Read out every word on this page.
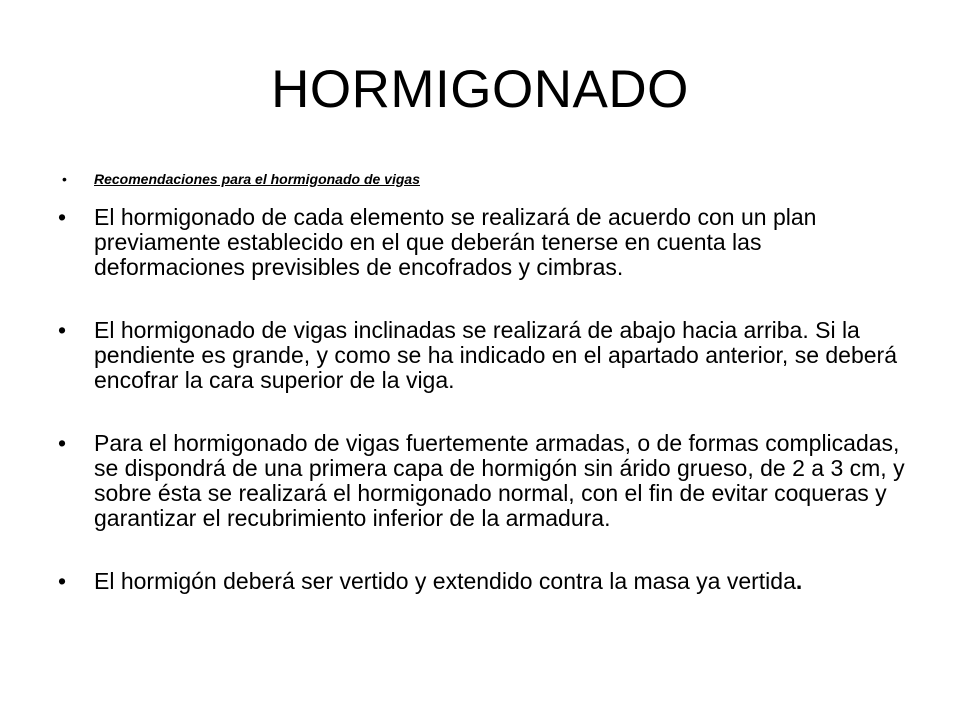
HORMIGONADO
• Recomendaciones para el hormigonado de vigas
• El hormigonado de cada elemento se realizará de acuerdo con un plan previamente establecido en el que deberán tenerse en cuenta las deformaciones previsibles de encofrados y cimbras.
• El hormigonado de vigas inclinadas se realizará de abajo hacia arriba. Si la pendiente es grande, y como se ha indicado en el apartado anterior, se deberá encofrar la cara superior de la viga.
• Para el hormigonado de vigas fuertemente armadas, o de formas complicadas, se dispondrá de una primera capa de hormigón sin árido grueso, de 2 a 3 cm, y sobre ésta se realizará el hormigonado normal, con el fin de evitar coqueras y garantizar el recubrimiento inferior de la armadura.
• El hormigón deberá ser vertido y extendido contra la masa ya vertida.
